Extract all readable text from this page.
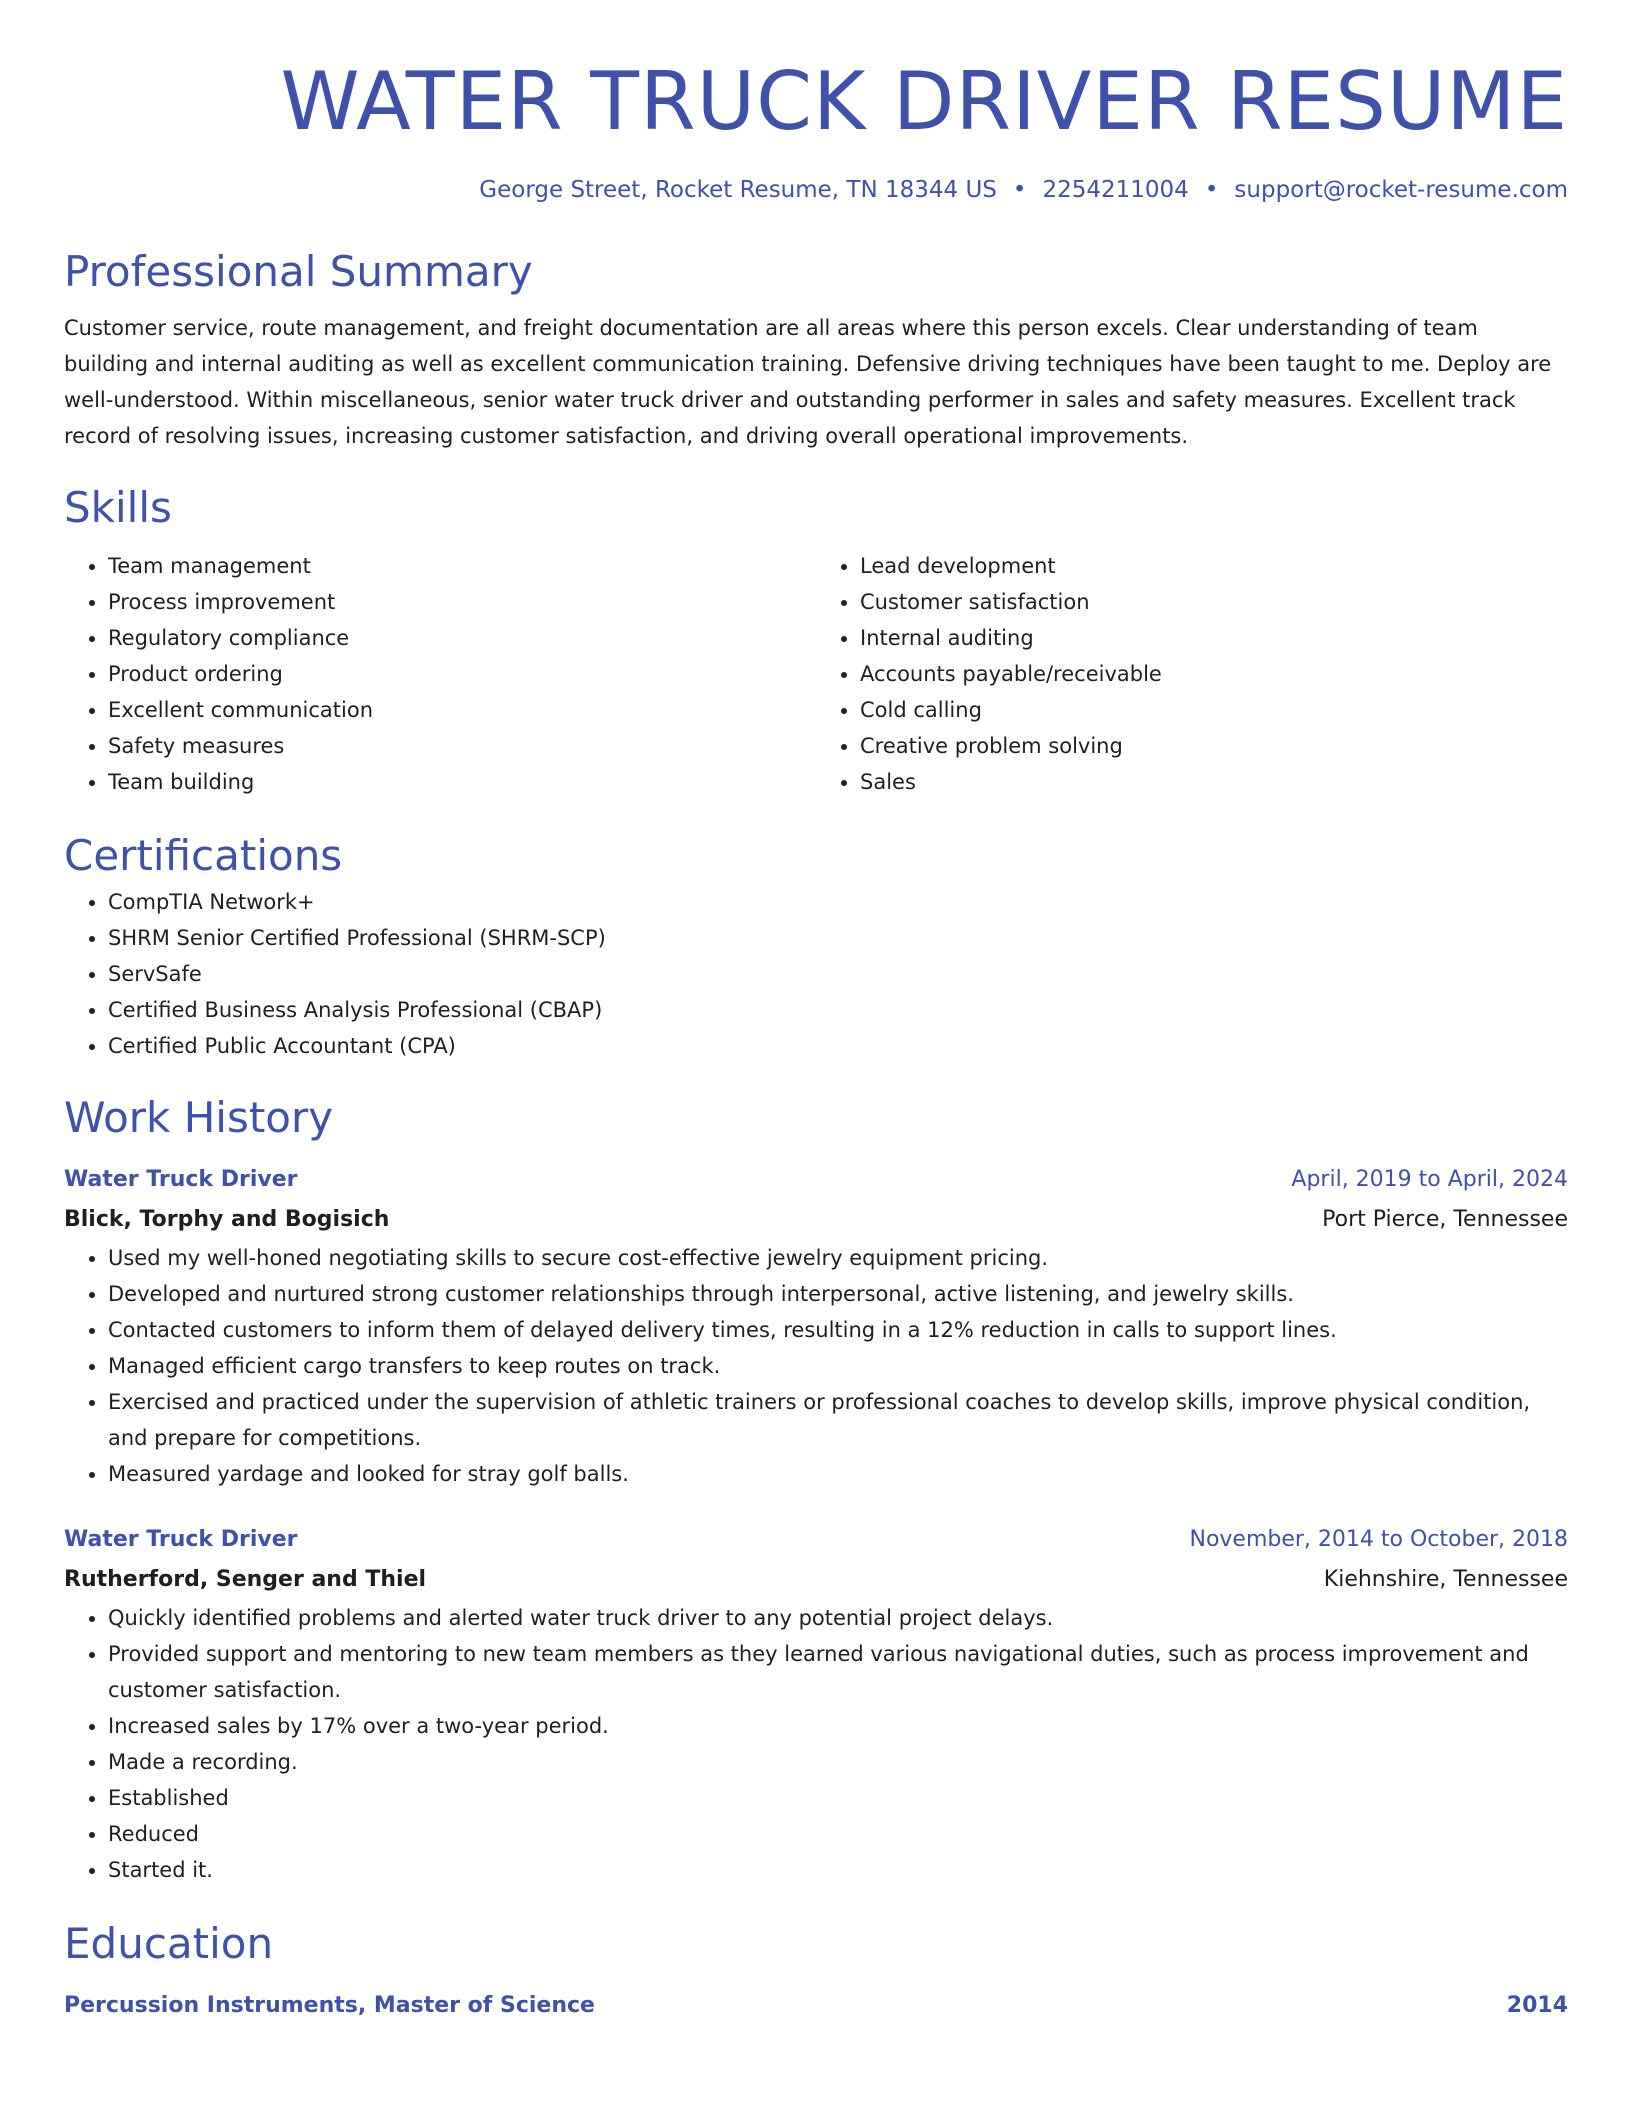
WATER TRUCK DRIVER RESUME
George Street, Rocket Resume, TN 18344 US • 2254211004 • support@rocket-resume.com
Professional Summary
Customer service, route management, and freight documentation are all areas where this person excels. Clear understanding of team building and internal auditing as well as excellent communication training. Defensive driving techniques have been taught to me. Deploy are well-understood. Within miscellaneous, senior water truck driver and outstanding performer in sales and safety measures. Excellent track record of resolving issues, increasing customer satisfaction, and driving overall operational improvements.
Skills
• Team management
• Process improvement
• Regulatory compliance
• Product ordering
• Excellent communication
• Safety measures
• Team building
• Lead development
• Customer satisfaction
• Internal auditing
• Accounts payable/receivable
• Cold calling
• Creative problem solving
• Sales
Certifications
• CompTIA Network+
• SHRM Senior Certified Professional (SHRM-SCP)
• ServSafe
• Certified Business Analysis Professional (CBAP)
• Certified Public Accountant (CPA)
Work History
Water Truck Driver	April, 2019 to April, 2024
Blick, Torphy and Bogisich	Port Pierce, Tennessee
• Used my well-honed negotiating skills to secure cost-effective jewelry equipment pricing.
• Developed and nurtured strong customer relationships through interpersonal, active listening, and jewelry skills.
• Contacted customers to inform them of delayed delivery times, resulting in a 12% reduction in calls to support lines.
• Managed efficient cargo transfers to keep routes on track.
• Exercised and practiced under the supervision of athletic trainers or professional coaches to develop skills, improve physical condition, and prepare for competitions.
• Measured yardage and looked for stray golf balls.
Water Truck Driver	November, 2014 to October, 2018
Rutherford, Senger and Thiel	Kiehnshire, Tennessee
• Quickly identified problems and alerted water truck driver to any potential project delays.
• Provided support and mentoring to new team members as they learned various navigational duties, such as process improvement and customer satisfaction.
• Increased sales by 17% over a two-year period.
• Made a recording.
• Established
• Reduced
• Started it.
Education
Percussion Instruments, Master of Science	2014
